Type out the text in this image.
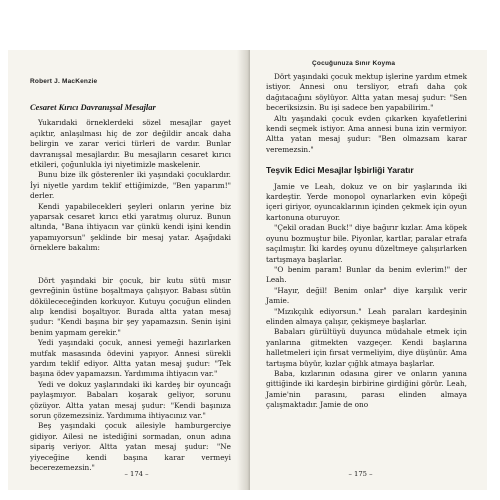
Robert J. MacKenzie
Cesaret Kırıcı Davranışsal Mesajlar

Yukarıdaki örneklerdeki sözel mesajlar gayet açıktır, anlaşılması hiç de zor değildir ancak daha belirgin ve zarar verici türleri de vardır. Bunlar davranışsal mesajlardır. Bu mesajların cesaret kırıcı etkileri, çoğunlukla iyi niyetimizle maskelenir.

Bunu bize ilk gösterenler iki yaşındaki çocuklardır. İyi niyetle yardım teklif ettiğimizde, "Ben yaparım!" derler.

Kendi yapabilecekleri şeyleri onların yerine biz yaparsak cesaret kırıcı etki yaratmış oluruz. Bunun altında, "Bana ihtiyacın var çünkü kendi işini kendin yapamıyorsun" şeklinde bir mesaj yatar. Aşağıdaki örneklere bakalım:

Dört yaşındaki bir çocuk, bir kutu sütü mısır gevreğinin üstüne boşaltmaya çalışıyor. Babası sütün dökülececeğinden korkuyor. Kutuyu çocuğun elinden alıp kendisi boşaltıyor. Burada altta yatan mesaj şudur: "Kendi başına bir şey yapamazsın. Senin işini benim yapmam gerekir."

Yedi yaşındaki çocuk, annesi yemeği hazırlarken mutfak masasında ödevini yapıyor. Annesi sürekli yardım teklif ediyor. Altta yatan mesaj şudur: "Tek başına ödev yapamazsın. Yardımıma ihtiyacın var."

Yedi ve dokuz yaşlarındaki iki kardeş bir oyuncağı paylaşmıyor. Babaları koşarak geliyor, sorunu çözüyor. Altta yatan mesaj şudur: "Kendi başınıza sorun çözemezsiniz. Yardımıma ihtiyacınız var."

Beş yaşındaki çocuk ailesiyle hamburgerciye gidiyor. Ailesi ne istediğini sormadan, onun adına sipariş veriyor. Altta yatan mesaj şudur: "Ne yiyeceğine kendi başına karar vermeyi becerezemezsin."

– 174 –
Çocuğunuza Sınır Koyma

Dört yaşındaki çocuk mektup işlerine yardım etmek istiyor. Annesi onu tersliyor, etrafı daha çok dağıtacağını söylüyor. Altta yatan mesaj şudur: "Sen beceriksizsin. Bu işi sadece ben yapabilirim."

Altı yaşındaki çocuk evden çıkarken kıyafetlerini kendi seçmek istiyor. Ama annesi buna izin vermiyor. Altta yatan mesaj şudur: "Ben olmazsam karar veremezsin."

Teşvik Edici Mesajlar İşbirliği Yaratır

Jamie ve Leah, dokuz ve on bir yaşlarında iki kardeştir. Yerde monopol oynarlarken evin köpeği içeri giriyor, oyuncaklarının içinden çekmek için oyun kartonuna oturuyor.

"Çekil oradan Buck!" diye bağırır kızlar. Ama köpek oyunu bozmuştur bile. Piyonlar, kartlar, paralar etrafa saçılmıştır. İki kardeş oyunu düzeltmeye çalışırlarken tartışmaya başlarlar.

"O benim param! Bunlar da benim evlerim!" der Leah.

"Hayır, değil! Benim onlar" diye karşılık verir Jamie.

"Mızıkçılık ediyorsun." Leah paraları kardeşinin elinden almaya çalışır, çekişmeye başlarlar.

Babaları gürültüyü duyunca müdahale etmek için yanlarına gitmekten vazgeçer. Kendi başlarına halletmeleri için fırsat vermeliyim, diye düşünür. Ama tartışma büyür, kızlar çığlık atmaya başlarlar.

Baba, kızlarının odasına girer ve onların yanına gittiğinde iki kardeşin birbirine girdiğini görür. Leah, Jamie'nin parasını, parası elinden almaya çalışmaktadır. Jamie de ono

– 175 –
